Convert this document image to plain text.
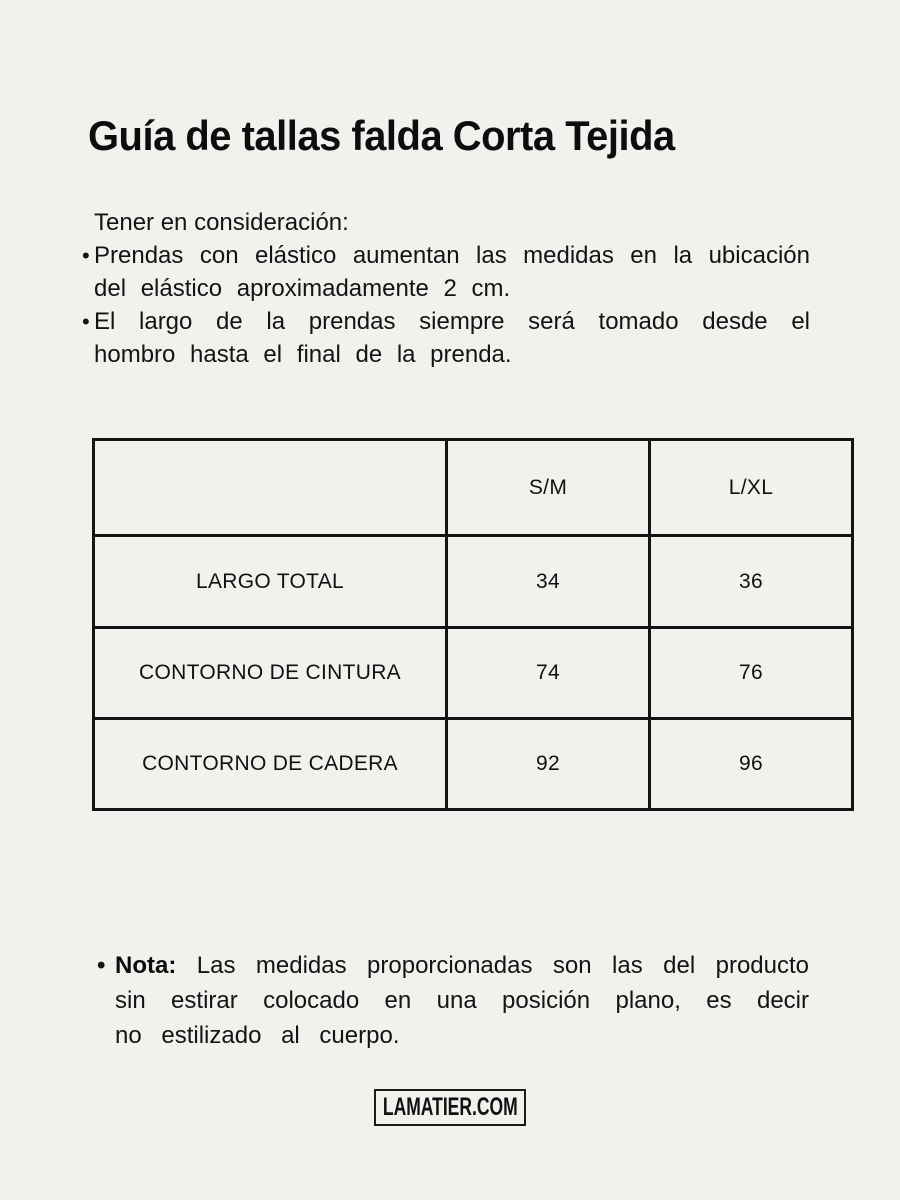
Guía de tallas falda Corta Tejida

Tener en consideración:

• Prendas con elástico aumentan las medidas en la ubicación del elástico aproximadamente 2 cm.
• El largo de la prendas siempre será tomado desde el hombro hasta el final de la prenda.
	S/M	L/XL
LARGO TOTAL	34	36
CONTORNO DE CINTURA	74	76
CONTORNO DE CADERA	92	96
• Nota: Las medidas proporcionadas son las del producto sin estirar colocado en una posición plano, es decir no estilizado al cuerpo.
LAMATIER.COM
